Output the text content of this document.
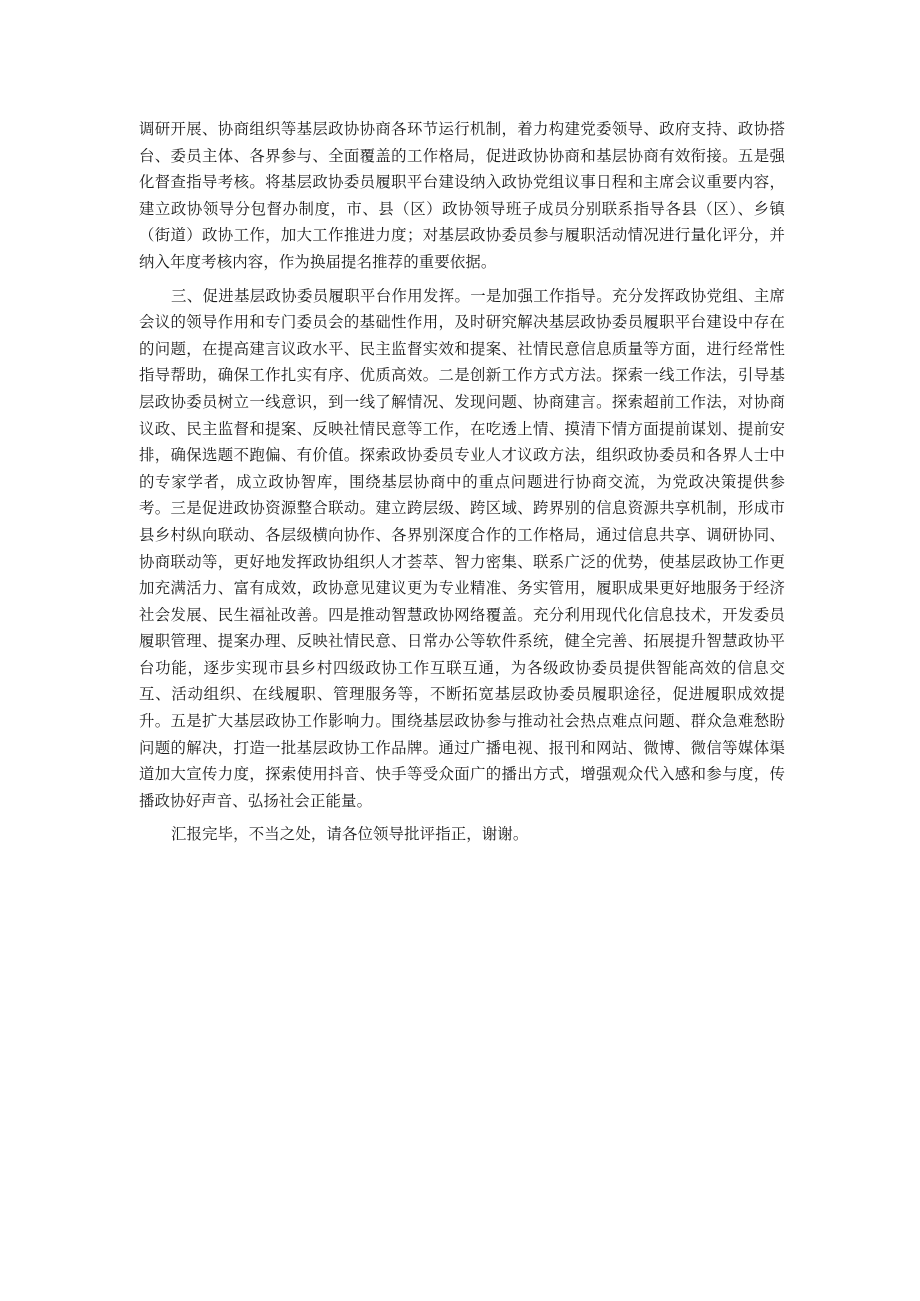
调研开展、协商组织等基层政协协商各环节运行机制，着力构建党委领导、政府支持、政协搭台、委员主体、各界参与、全面覆盖的工作格局，促进政协协商和基层协商有效衔接。五是强化督查指导考核。将基层政协委员履职平台建设纳入政协党组议事日程和主席会议重要内容，建立政协领导分包督办制度，市、县（区）政协领导班子成员分别联系指导各县（区）、乡镇（街道）政协工作，加大工作推进力度；对基层政协委员参与履职活动情况进行量化评分，并纳入年度考核内容，作为换届提名推荐的重要依据。

三、促进基层政协委员履职平台作用发挥。一是加强工作指导。充分发挥政协党组、主席会议的领导作用和专门委员会的基础性作用，及时研究解决基层政协委员履职平台建设中存在的问题，在提高建言议政水平、民主监督实效和提案、社情民意信息质量等方面，进行经常性指导帮助，确保工作扎实有序、优质高效。二是创新工作方式方法。探索一线工作法，引导基层政协委员树立一线意识，到一线了解情况、发现问题、协商建言。探索超前工作法，对协商议政、民主监督和提案、反映社情民意等工作，在吃透上情、摸清下情方面提前谋划、提前安排，确保选题不跑偏、有价值。探索政协委员专业人才议政方法，组织政协委员和各界人士中的专家学者，成立政协智库，围绕基层协商中的重点问题进行协商交流，为党政决策提供参考。三是促进政协资源整合联动。建立跨层级、跨区域、跨界别的信息资源共享机制，形成市县乡村纵向联动、各层级横向协作、各界别深度合作的工作格局，通过信息共享、调研协同、协商联动等，更好地发挥政协组织人才荟萃、智力密集、联系广泛的优势，使基层政协工作更加充满活力、富有成效，政协意见建议更为专业精准、务实管用，履职成果更好地服务于经济社会发展、民生福祉改善。四是推动智慧政协网络覆盖。充分利用现代化信息技术，开发委员履职管理、提案办理、反映社情民意、日常办公等软件系统，健全完善、拓展提升智慧政协平台功能，逐步实现市县乡村四级政协工作互联互通，为各级政协委员提供智能高效的信息交互、活动组织、在线履职、管理服务等，不断拓宽基层政协委员履职途径，促进履职成效提升。五是扩大基层政协工作影响力。围绕基层政协参与推动社会热点难点问题、群众急难愁盼问题的解决，打造一批基层政协工作品牌。通过广播电视、报刊和网站、微博、微信等媒体渠道加大宣传力度，探索使用抖音、快手等受众面广的播出方式，增强观众代入感和参与度，传播政协好声音、弘扬社会正能量。

汇报完毕，不当之处，请各位领导批评指正，谢谢。
